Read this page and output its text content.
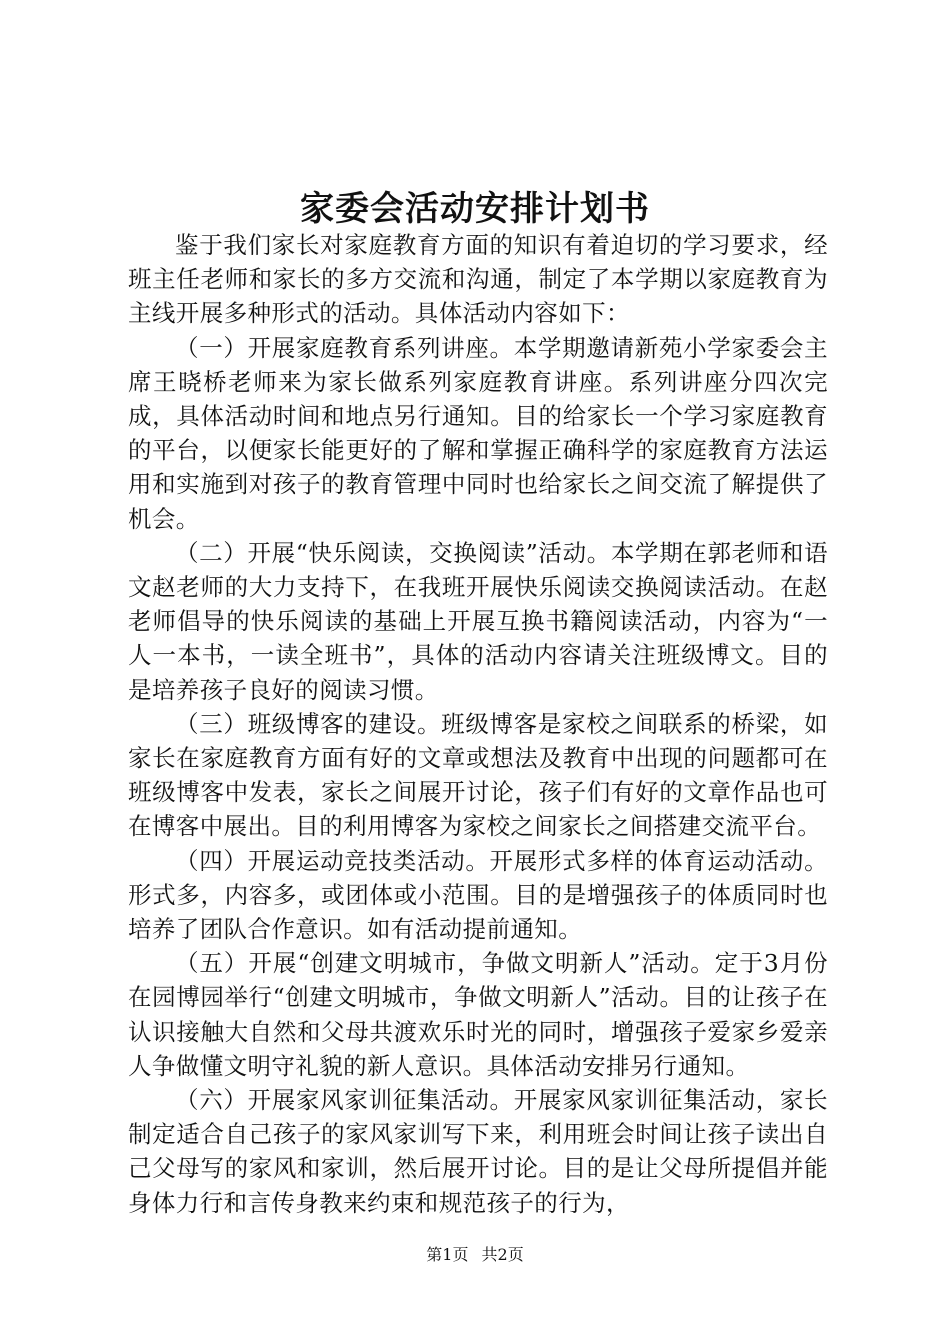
家委会活动安排计划书

鉴于我们家长对家庭教育方面的知识有着迫切的学习要求，经班主任老师和家长的多方交流和沟通，制定了本学期以家庭教育为主线开展多种形式的活动。具体活动内容如下：

（一）开展家庭教育系列讲座。本学期邀请新苑小学家委会主席王晓桥老师来为家长做系列家庭教育讲座。系列讲座分四次完成，具体活动时间和地点另行通知。目的给家长一个学习家庭教育的平台，以便家长能更好的了解和掌握正确科学的家庭教育方法运用和实施到对孩子的教育管理中同时也给家长之间交流了解提供了机会。

（二）开展“快乐阅读，交换阅读”活动。本学期在郭老师和语文赵老师的大力支持下，在我班开展快乐阅读交换阅读活动。在赵老师倡导的快乐阅读的基础上开展互换书籍阅读活动，内容为“一人一本书，一读全班书”，具体的活动内容请关注班级博文。目的是培养孩子良好的阅读习惯。

（三）班级博客的建设。班级博客是家校之间联系的桥梁，如家长在家庭教育方面有好的文章或想法及教育中出现的问题都可在班级博客中发表，家长之间展开讨论，孩子们有好的文章作品也可在博客中展出。目的利用博客为家校之间家长之间搭建交流平台。

（四）开展运动竞技类活动。开展形式多样的体育运动活动。形式多，内容多，或团体或小范围。目的是增强孩子的体质同时也培养了团队合作意识。如有活动提前通知。

（五）开展“创建文明城市，争做文明新人”活动。定于3月份在园博园举行“创建文明城市，争做文明新人”活动。目的让孩子在认识接触大自然和父母共渡欢乐时光的同时，增强孩子爱家乡爱亲人争做懂文明守礼貌的新人意识。具体活动安排另行通知。

（六）开展家风家训征集活动。开展家风家训征集活动，家长制定适合自己孩子的家风家训写下来，利用班会时间让孩子读出自己父母写的家风和家训，然后展开讨论。目的是让父母所提倡并能身体力行和言传身教来约束和规范孩子的行为，

第1页 共2页
